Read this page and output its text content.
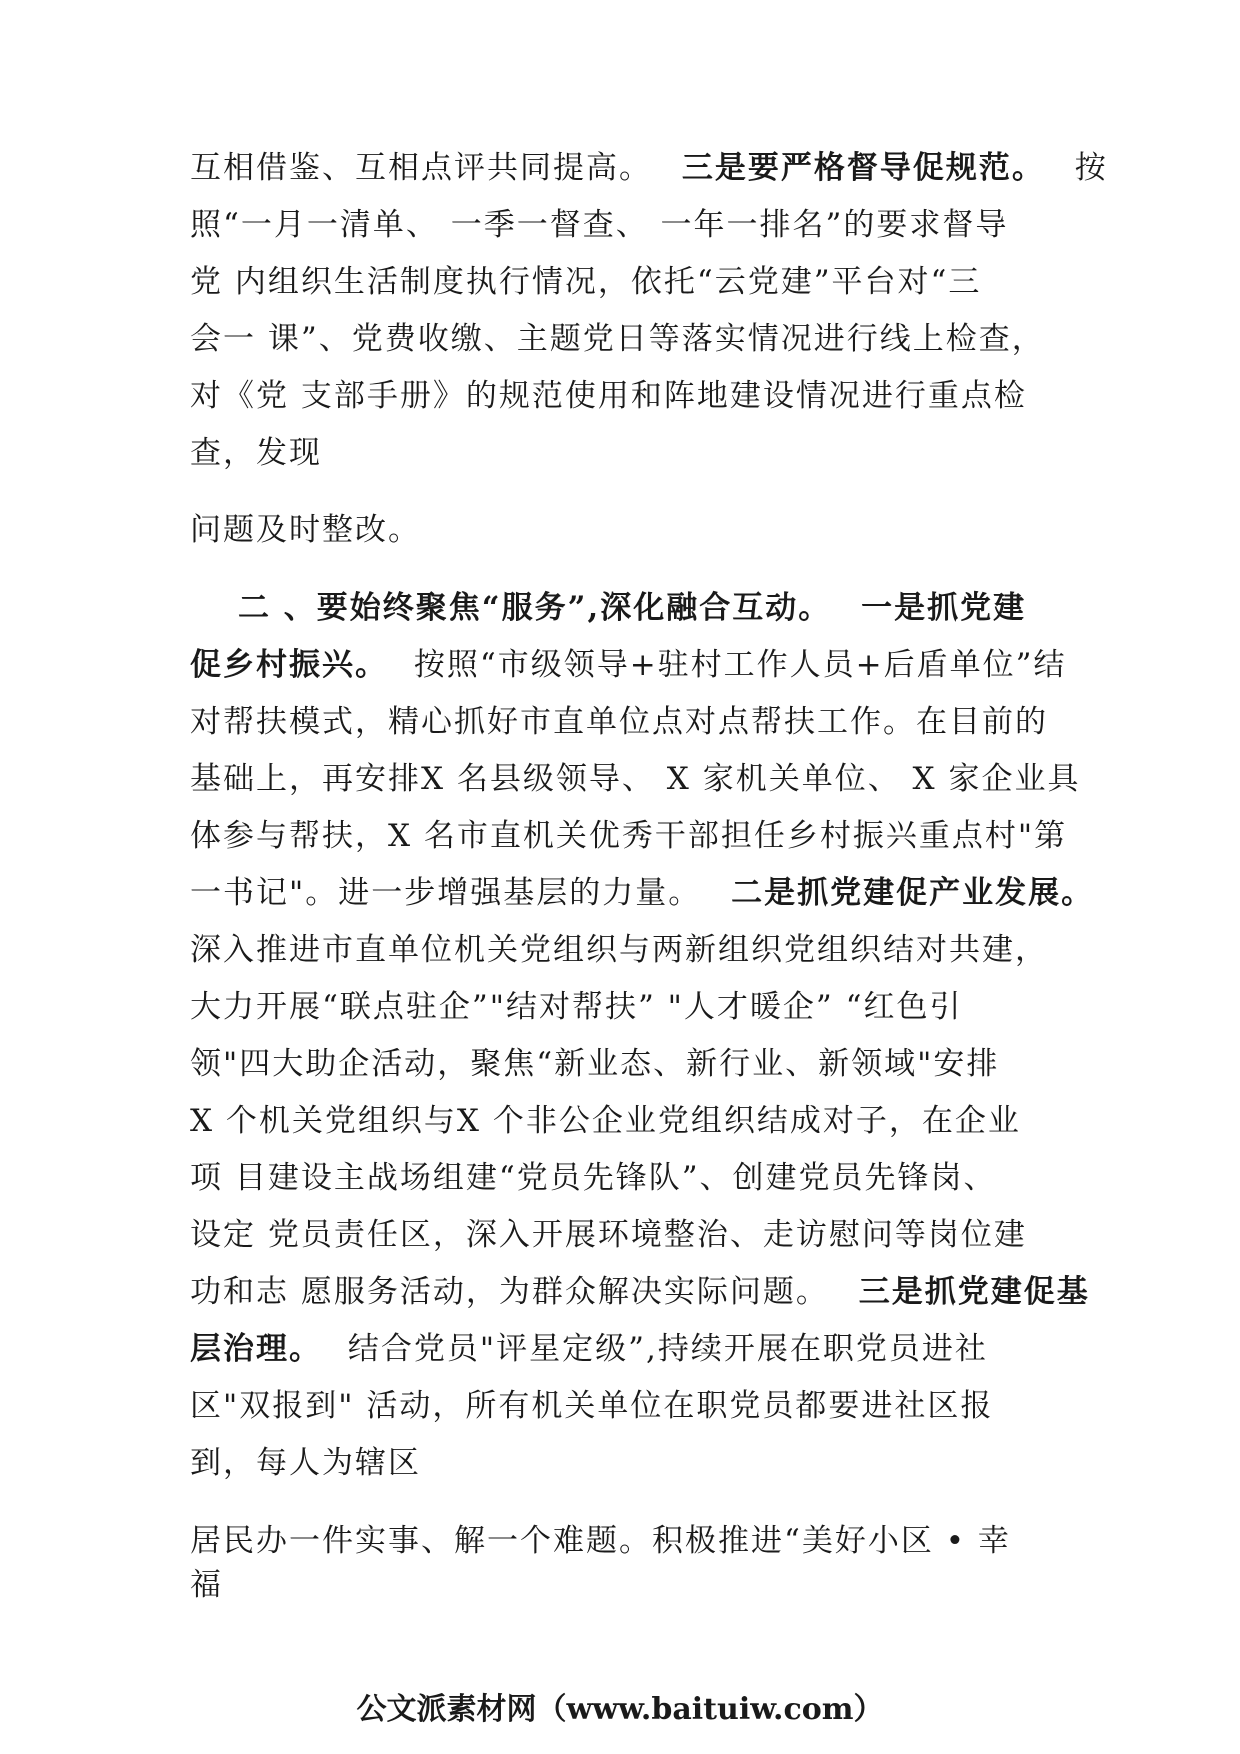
互相借鉴、互相点评共同提高。 三是要严格督导促规范。 按
照“一月一清单、 一季一督查、 一年一排名”的要求督导
党 内组织生活制度执行情况，依托“云党建”平台对“三
会一 课”、党费收缴、主题党日等落实情况进行线上检查，
对《党 支部手册》的规范使用和阵地建设情况进行重点检
查，发现
问题及时整改。
二 、要始终聚焦“服务”,深化融合互动。 一是抓党建
促乡村振兴。 按照“市级领导+驻村工作人员+后盾单位”结
对帮扶模式，精心抓好市直单位点对点帮扶工作。在目前的
基础上，再安排X 名县级领导、 X 家机关单位、 X 家企业具
体参与帮扶，X 名市直机关优秀干部担任乡村振兴重点村"第
一书记"。进一步增强基层的力量。 二是抓党建促产业发展。
深入推进市直单位机关党组织与两新组织党组织结对共建，
大力开展“联点驻企”"结对帮扶” "人才暖企” “红色引
领"四大助企活动，聚焦“新业态、新行业、新领域"安排
X 个机关党组织与X 个非公企业党组织结成对子，在企业
项 目建设主战场组建“党员先锋队”、创建党员先锋岗、
设定 党员责任区，深入开展环境整治、走访慰问等岗位建
功和志 愿服务活动，为群众解决实际问题。 三是抓党建促基
层治理。 结合党员"评星定级”,持续开展在职党员进社
区"双报到" 活动，所有机关单位在职党员都要进社区报
到，每人为辖区
居民办一件实事、解一个难题。积极推进“美好小区 • 幸
福
公文派素材网（www.baituiw.com）
